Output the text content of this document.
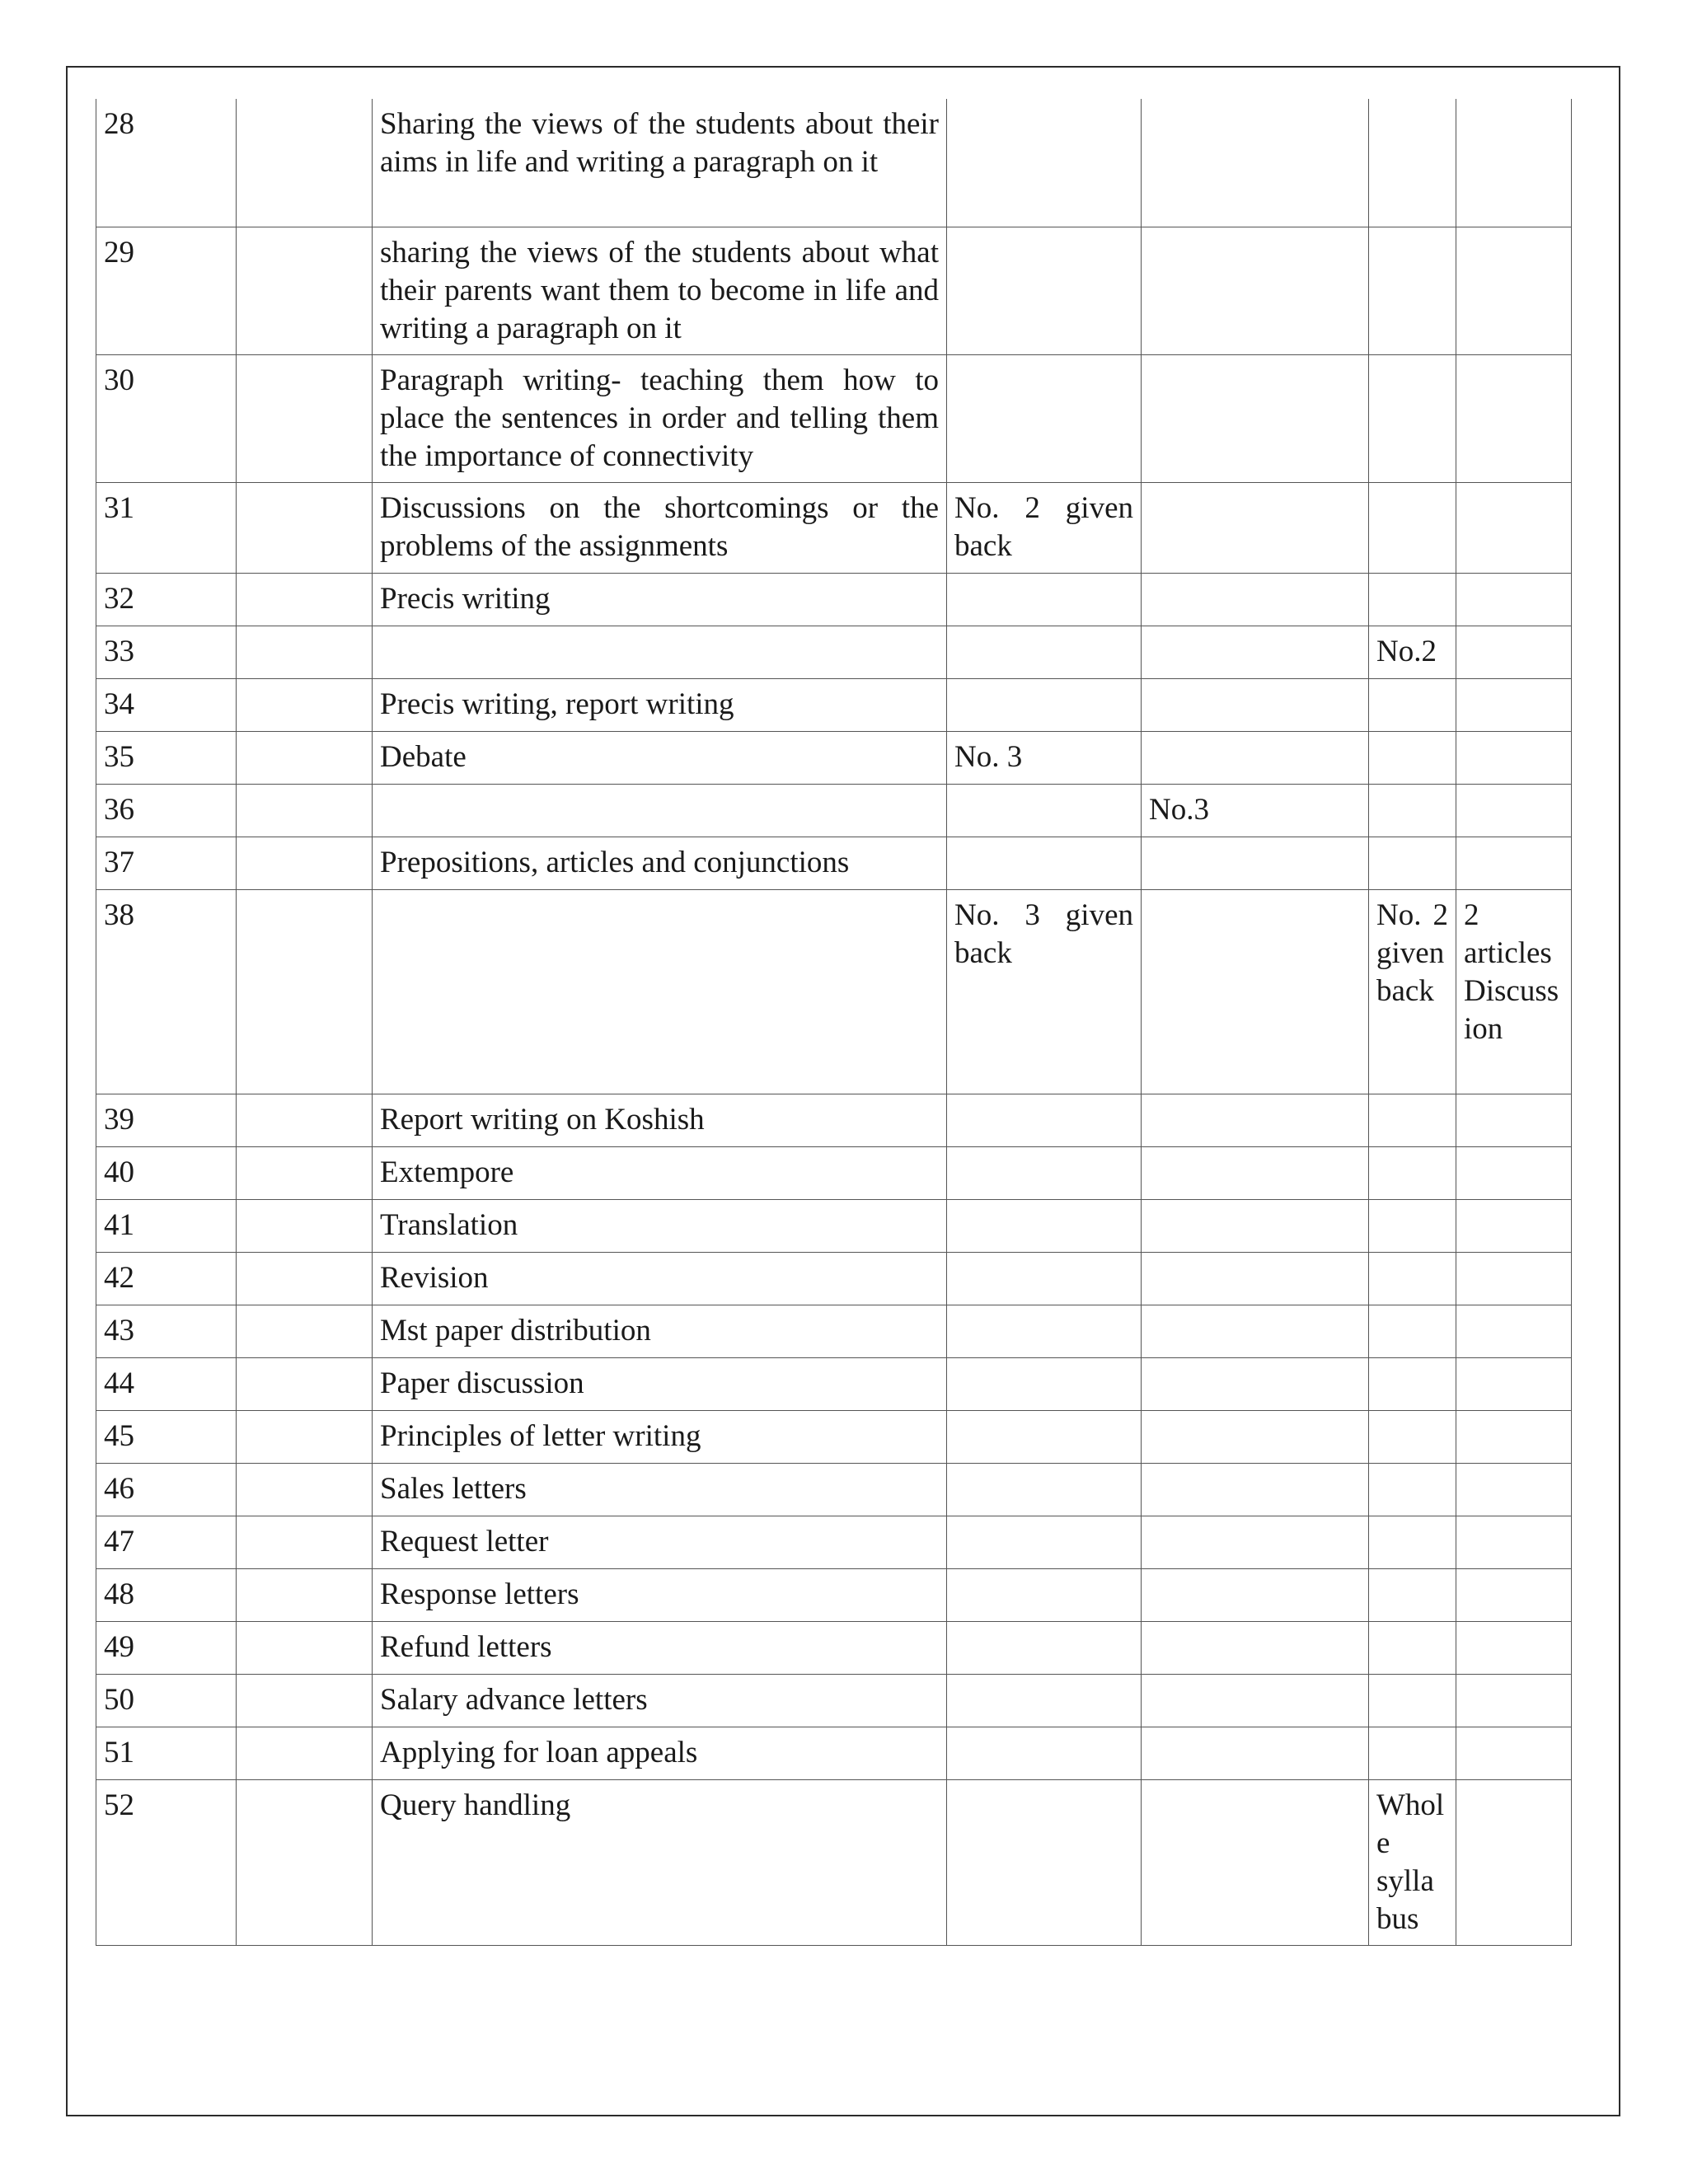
28		Sharing the views of the students about their aims in life and writing a paragraph on it				
29		sharing the views of the students about what their parents want them to become in life and writing a paragraph on it				
30		Paragraph writing- teaching them how to place the sentences in order and telling them the importance of connectivity				
31		Discussions on the shortcomings or the problems of the assignments	No. 2 given back			
32		Precis writing				
33					No.2	
34		Precis writing, report writing				
35		Debate	No. 3			
36				No.3		
37		Prepositions, articles and conjunctions				
38			No. 3 given back		No. 2 given back	2 articles Discussion
39		Report writing on Koshish				
40		Extempore				
41		Translation				
42		Revision				
43		Mst paper distribution				
44		Paper discussion				
45		Principles of letter writing				
46		Sales letters				
47		Request letter				
48		Response letters				
49		Refund letters				
50		Salary advance letters				
51		Applying for loan appeals				
52		Query handling			Whole syllabus	
